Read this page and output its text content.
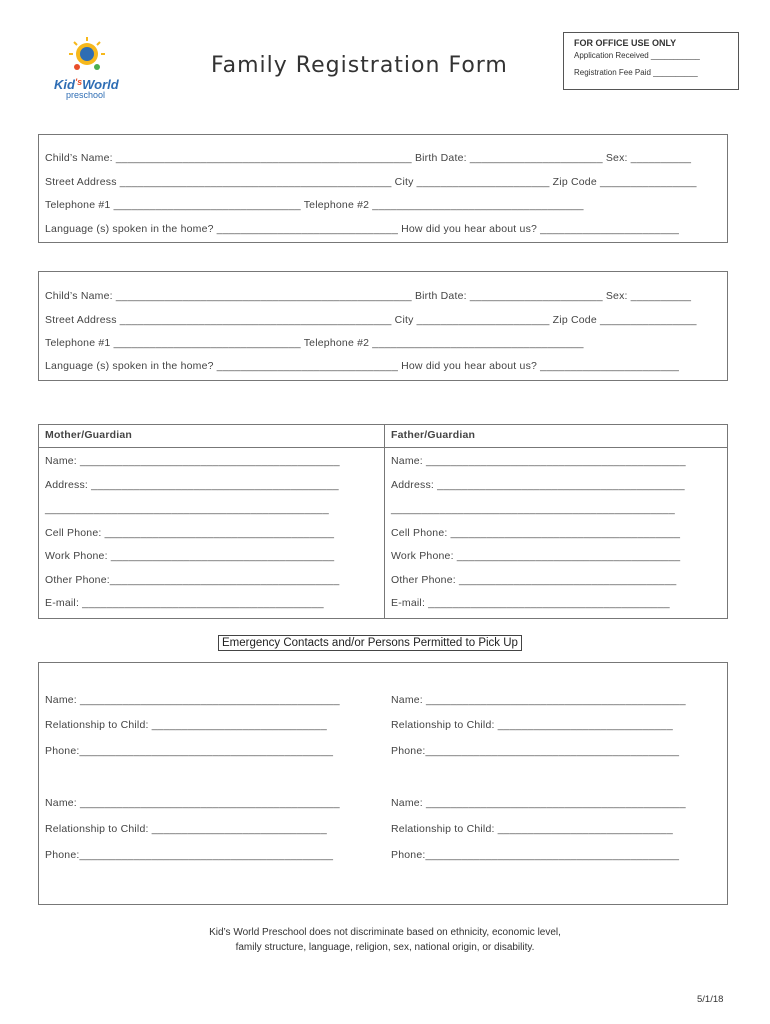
Kid$^{'s}$World
preschool
Family Registration Form
FOR OFFICE USE ONLY
Application Received ___________
Registration Fee Paid __________
Child’s Name: _________________________________________________ Birth Date: ______________________ Sex: __________
Street Address _____________________________________________ City ______________________ Zip Code ________________
Telephone #1 _______________________________ Telephone #2 ___________________________________
Language (s) spoken in the home? ______________________________ How did you hear about us? _______________________
Child’s Name: _________________________________________________ Birth Date: ______________________ Sex: __________
Street Address _____________________________________________ City ______________________ Zip Code ________________
Telephone #1 _______________________________ Telephone #2 ___________________________________
Language (s) spoken in the home? ______________________________ How did you hear about us? _______________________
Mother/Guardian
Name: ___________________________________________
Address: _________________________________________
_______________________________________________
Cell Phone: ______________________________________
Work Phone: _____________________________________
Other Phone:______________________________________
E-mail: ________________________________________
Father/Guardian
Name: ___________________________________________
Address: _________________________________________
_______________________________________________
Cell Phone: ______________________________________
Work Phone: _____________________________________
Other Phone: ____________________________________
E-mail: ________________________________________
Emergency Contacts and/or Persons Permitted to Pick Up
Name: ___________________________________________
Relationship to Child: _____________________________
Phone:__________________________________________
Name: ___________________________________________
Relationship to Child: _____________________________
Phone:__________________________________________
Name: ___________________________________________
Relationship to Child: _____________________________
Phone:__________________________________________
Name: ___________________________________________
Relationship to Child: _____________________________
Phone:__________________________________________
Kid’s World Preschool does not discriminate based on ethnicity, economic level,
family structure, language, religion, sex, national origin, or disability.
5/1/18
